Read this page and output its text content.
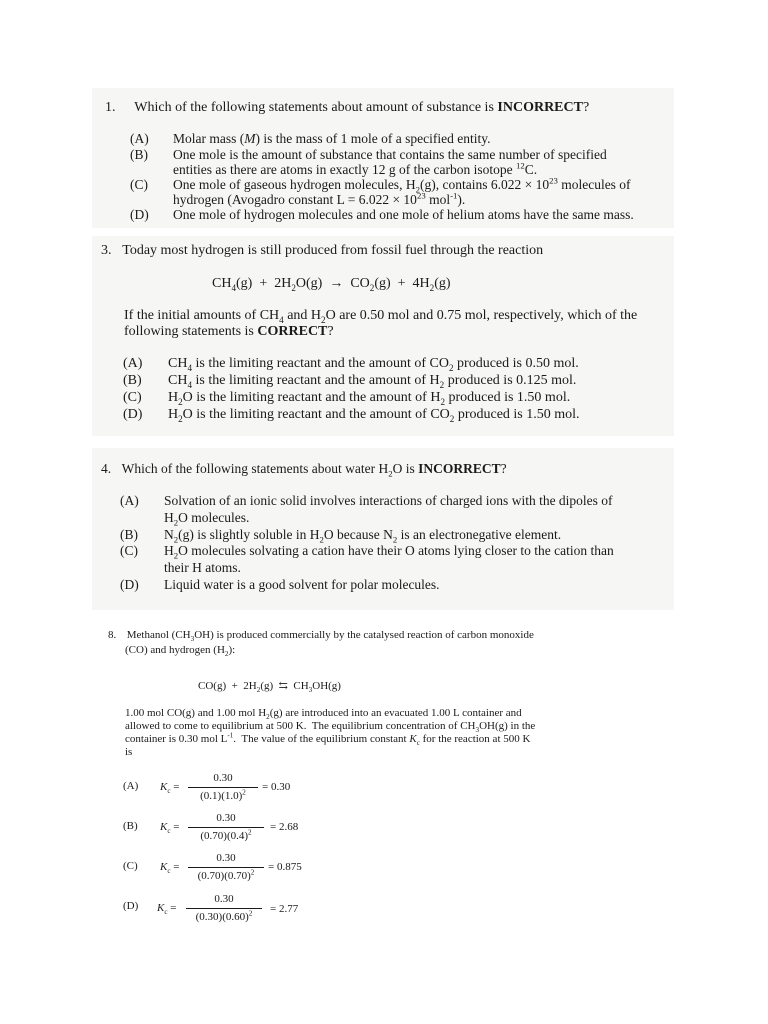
1. Which of the following statements about amount of substance is INCORRECT?
(A) Molar mass (M) is the mass of 1 mole of a specified entity.
(B) One mole is the amount of substance that contains the same number of specified
entities as there are atoms in exactly 12 g of the carbon isotope $^{12}$C.
(C) One mole of gaseous hydrogen molecules, $H_2(g)$, contains $6.022 \times 10^{23}$ molecules of
hydrogen (Avogadro constant $L = 6.022 \times 10^{23}$ mol$^{-1}$).
(D) One mole of hydrogen molecules and one mole of helium atoms have the same mass.
3. Today most hydrogen is still produced from fossil fuel through the reaction
$CH_4(g) + 2H_2O(g) \to CO_2(g) + 4H_2(g)$
If the initial amounts of $CH_4$ and $H_2O$ are 0.50 mol and 0.75 mol, respectively, which of the
following statements is CORRECT?
(A) $CH_4$ is the limiting reactant and the amount of $CO_2$ produced is 0.50 mol.
(B) $CH_4$ is the limiting reactant and the amount of $H_2$ produced is 0.125 mol.
(C) $H_2O$ is the limiting reactant and the amount of $H_2$ produced is 1.50 mol.
(D) $H_2O$ is the limiting reactant and the amount of $CO_2$ produced is 1.50 mol.
4. Which of the following statements about water $H_2O$ is INCORRECT?
(A) Solvation of an ionic solid involves interactions of charged ions with the dipoles of
$H_2O$ molecules.
(B) $N_2(g)$ is slightly soluble in $H_2O$ because $N_2$ is an electronegative element.
(C) $H_2O$ molecules solvating a cation have their O atoms lying closer to the cation than
their H atoms.
(D) Liquid water is a good solvent for polar molecules.
8. Methanol $(CH_3OH)$ is produced commercially by the catalysed reaction of carbon monoxide
(CO) and hydrogen $(H_2)$:
$CO(g) + 2H_2(g)$  ⇆  $CH_3OH(g)$
1.00 mol CO(g) and 1.00 mol $H_2(g)$ are introduced into an evacuated 1.00 L container and
allowed to come to equilibrium at 500 K.  The equilibrium concentration of $CH_3OH(g)$ in the
container is 0.30 mol $L^{-1}$.  The value of the equilibrium constant $K_c$ for the reaction at 500 K
is
(A) $K_c$ =
0.30
$(0.1)(1.0)^2$	= 0.30
(B) $K_c$ =
0.30
$(0.70)(0.4)^2$	= 2.68
(C) $K_c$ =
0.30
$(0.70)(0.70)^2$	= 0.875
(D) $K_c$ =
0.30
$(0.30)(0.60)^2$	= 2.77
